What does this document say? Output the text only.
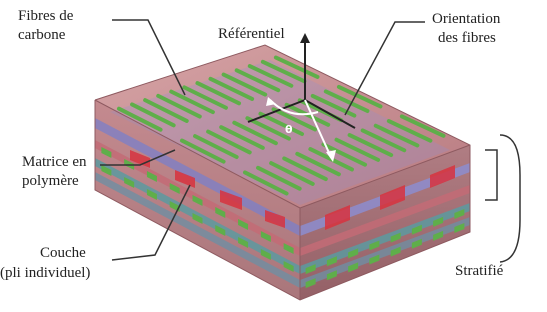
Fibres de
carbone	Référentiel
Orientation
des fibres
Matrice en
polymère
Couche
(pli individuel)	Stratifié
θ
